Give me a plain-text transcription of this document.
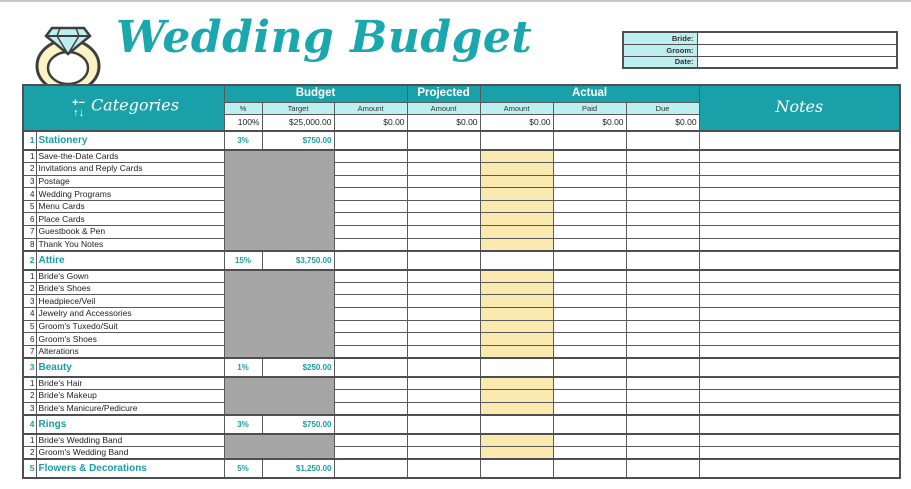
Wedding Budget	Bride:	
Groom:	
Date:	
+−
↑↓ Categories		Budget			Projected	Actual			Notes
		%	Target	Amount	Amount	Amount	Paid	Due	
		100%	$25,000.00	$0.00	$0.00	$0.00	$0.00	$0.00	
1	Stationery	3%	$750.00						
1	Save-the-Date Cards								
2	Invitations and Reply Cards								
3	Postage								
4	Wedding Programs								
5	Menu Cards								
6	Place Cards								
7	Guestbook & Pen								
8	Thank You Notes								
2	Attire	15%	$3,750.00						
1	Bride's Gown								
2	Bride's Shoes								
3	Headpiece/Veil								
4	Jewelry and Accessories								
5	Groom's Tuxedo/Suit								
6	Groom's Shoes								
7	Alterations								
3	Beauty	1%	$250.00						
1	Bride's Hair								
2	Bride's Makeup								
3	Bride's Manicure/Pedicure								
4	Rings	3%	$750.00						
1	Bride's Wedding Band								
2	Groom's Wedding Band								
5	Flowers & Decorations	5%	$1,250.00						
